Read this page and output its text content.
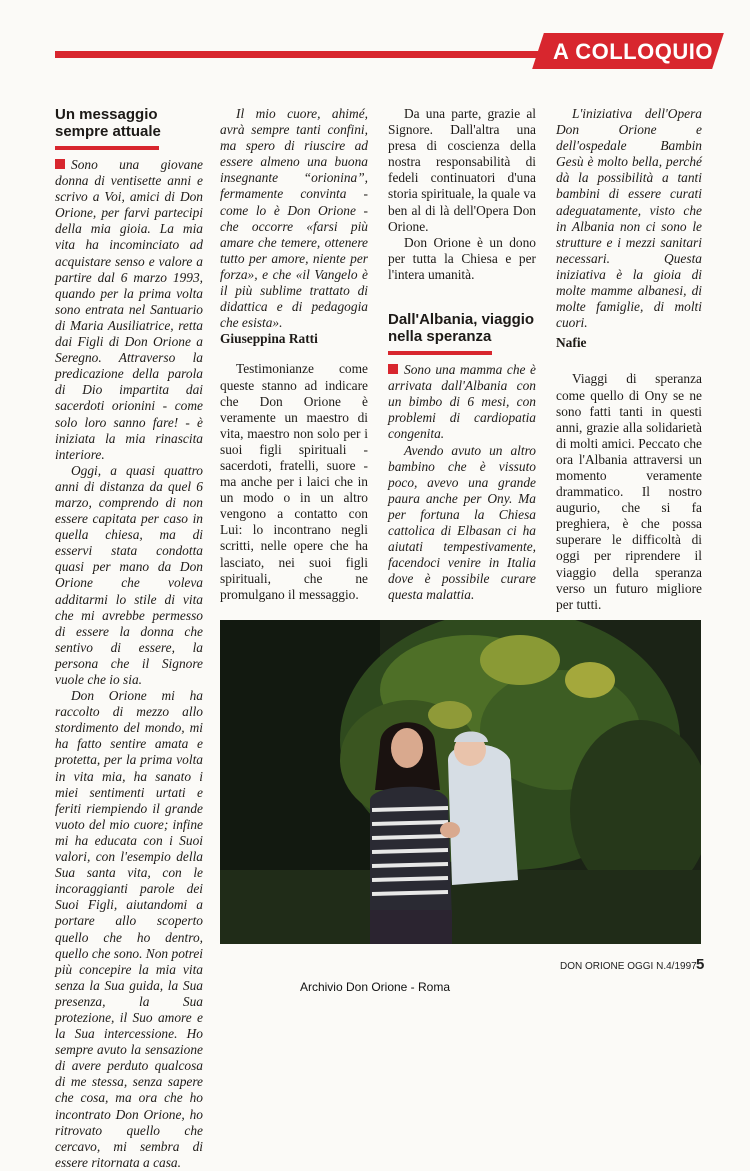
A COLLOQUIO
Un messaggio sempre attuale

Sono una giovane donna di ventisette anni e scrivo a Voi, amici di Don Orione, per farvi partecipi della mia gioia. La mia vita ha incominciato ad acquistare senso e valore a partire dal 6 marzo 1993, quando per la prima volta sono entrata nel Santuario di Maria Ausiliatrice, retta dai Figli di Don Orione a Seregno. Attraverso la predicazione della parola di Dio impartita dai sacerdoti orionini - come solo loro sanno fare! - è iniziata la mia rinascita interiore.

Oggi, a quasi quattro anni di distanza da quel 6 marzo, comprendo di non essere capitata per caso in quella chiesa, ma di esservi stata condotta quasi per mano da Don Orione che voleva additarmi lo stile di vita che mi avrebbe permesso di essere la donna che sentivo di essere, la persona che il Signore vuole che io sia.

Don Orione mi ha raccolto di mezzo allo stordimento del mondo, mi ha fatto sentire amata e protetta, per la prima volta in vita mia, ha sanato i miei sentimenti urtati e feriti riempiendo il grande vuoto del mio cuore; infine mi ha educata con i Suoi valori, con l'esempio della Sua santa vita, con le incoraggianti parole dei Suoi Figli, aiutandomi a portare allo scoperto quello che ho dentro, quello che sono. Non potrei più concepire la mia vita senza la Sua guida, la Sua presenza, la Sua protezione, il Suo amore e la Sua intercessione. Ho sempre avuto la sensazione di avere perduto qualcosa di me stessa, senza sapere che cosa, ma ora che ho incontrato Don Orione, ho ritrovato quello che cercavo, mi sembra di essere ritornata a casa.

Il mio cuore, ahimé, avrà sempre tanti confini, ma spero di riuscire ad essere almeno una buona insegnante “orionina”, fermamente convinta - come lo è Don Orione - che occorre «farsi più amare che temere, ottenere tutto per amore, niente per forza», e che «il Vangelo è il più sublime trattato di didattica e di pedagogia che esista».

Giuseppina Ratti

Testimonianze come queste stanno ad indicare che Don Orione è veramente un maestro di vita, maestro non solo per i suoi figli spirituali - sacerdoti, fratelli, suore - ma anche per i laici che in un modo o in un altro vengono a contatto con Lui: lo incontrano negli scritti, nelle opere che ha lasciato, nei suoi figli spirituali, che ne promulgano il messaggio.

Da una parte, grazie al Signore. Dall'altra una presa di coscienza della nostra responsabilità di fedeli continuatori d'una storia spirituale, la quale va ben al di là dell'Opera Don Orione.

Don Orione è un dono per tutta la Chiesa e per l'intera umanità.

Dall'Albania, viaggio nella speranza

Sono una mamma che è arrivata dall'Albania con un bimbo di 6 mesi, con problemi di cardiopatia congenita.

Avendo avuto un altro bambino che è vissuto poco, avevo una grande paura anche per Ony. Ma per fortuna la Chiesa cattolica di Elbasan ci ha aiutati tempestivamente, facendoci venire in Italia dove è possibile curare questa malattia.

L'iniziativa dell'Opera Don Orione e dell'ospedale Bambin Gesù è molto bella, perché dà la possibilità a tanti bambini di essere curati adeguatamente, visto che in Albania non ci sono le strutture e i mezzi sanitari necessari. Questa iniziativa è la gioia di molte mamme albanesi, di molte famiglie, di molti cuori.

Nafie

Viaggi di speranza come quello di Ony se ne sono fatti tanti in questi anni, grazie alla solidarietà di molti amici. Peccato che ora l'Albania attraversi un momento veramente drammatico. Il nostro augurio, che si fa preghiera, è che possa superare le difficoltà di oggi per riprendere il viaggio della speranza verso un futuro migliore per tutti.

DON ORIONE OGGI N.4/1997 5
Archivio Don Orione - Roma
